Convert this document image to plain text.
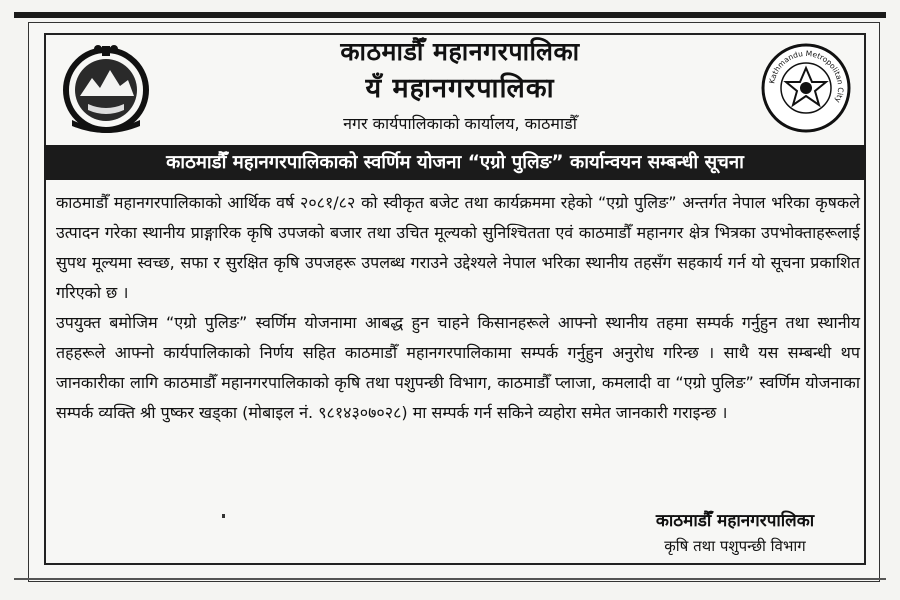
Kathmandu Metropolitan City
काठमाडौँ महानगरपालिका
यँ महानगरपालिका
नगर कार्यपालिकाको कार्यालय, काठमाडौँ
काठमाडौँ महानगरपालिकाको स्वर्णिम योजना “एग्रो पुलिङ” कार्यान्वयन सम्बन्धी सूचना

काठमाडौँ महानगरपालिकाको आर्थिक वर्ष २०८१/८२ को स्वीकृत बजेट तथा कार्यक्रममा रहेको “एग्रो पुलिङ” अन्तर्गत नेपाल भरिका कृषकले उत्पादन गरेका स्थानीय प्राङ्गारिक कृषि उपजको बजार तथा उचित मूल्यको सुनिश्चितता एवं काठमाडौँ महानगर क्षेत्र भित्रका उपभोक्ताहरूलाई सुपथ मूल्यमा स्वच्छ, सफा र सुरक्षित कृषि उपजहरू उपलब्ध गराउने उद्देश्यले नेपाल भरिका स्थानीय तहसँग सहकार्य गर्न यो सूचना प्रकाशित गरिएको छ ।

उपयुक्त बमोजिम “एग्रो पुलिङ” स्वर्णिम योजनामा आबद्ध हुन चाहने किसानहरूले आफ्नो स्थानीय तहमा सम्पर्क गर्नुहुन तथा स्थानीय तहहरूले आफ्नो कार्यपालिकाको निर्णय सहित काठमाडौँ महानगरपालिकामा सम्पर्क गर्नुहुन अनुरोध गरिन्छ । साथै यस सम्बन्धी थप जानकारीका लागि काठमाडौँ महानगरपालिकाको कृषि तथा पशुपन्छी विभाग, काठमाडौँ प्लाजा, कमलादी वा “एग्रो पुलिङ” स्वर्णिम योजनाका सम्पर्क व्यक्ति श्री पुष्कर खड्का (मोबाइल नं. ९८१४३०७०२८) मा सम्पर्क गर्न सकिने व्यहोरा समेत जानकारी गराइन्छ ।

काठमाडौँ महानगरपालिका
कृषि तथा पशुपन्छी विभाग
